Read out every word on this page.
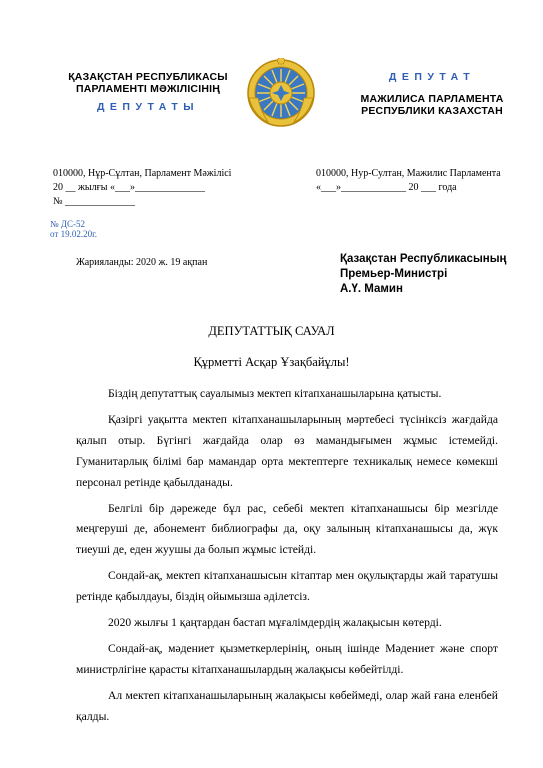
ҚАЗАҚСТАН РЕСПУБЛИКАСЫ
ПАРЛАМЕНТІ МӘЖІЛІСІНІҢ
ДЕПУТАТЫ
ДЕПУТАТ
МАЖИЛИСА ПАРЛАМЕНТА
РЕСПУБЛИКИ КАЗАХСТАН
010000, Нұр-Сұлтан, Парламент Мәжілісі
20 __ жылғы «___»______________
№ ______________
010000, Нур-Султан, Мажилис Парламента
«___»_____________ 20 ___ года
№ ДС-52
от 19.02.20г.
Жарияланды: 2020 ж. 19 ақпан	Қазақстан Республикасының
Премьер-Министрі
А.Ү. Мамин
ДЕПУТАТТЫҚ САУАЛ
Құрметті Асқар Ұзақбайұлы!

Біздің депутаттық сауалымыз мектеп кітапханашыларына қатысты.

Қазіргі уақытта мектеп кітапханашыларының мәртебесі түсініксіз жағдайда қалып отыр. Бүгінгі жағдайда олар өз мамандығымен жұмыс істемейді. Гуманитарлық білімі бар мамандар орта мектептерге техникалық немесе көмекші персонал ретінде қабылданады.

Белгілі бір дәрежеде бұл рас, себебі мектеп кітапханашысы бір мезгілде меңгеруші де, абонемент библиографы да, оқу залының кітапханашысы да, жүк тиеуші де, еден жуушы да болып жұмыс істейді.

Сондай-ақ, мектеп кітапханашысын кітаптар мен оқулықтарды жай таратушы ретінде қабылдауы, біздің ойымызша әділетсіз.

2020 жылғы 1 қаңтардан бастап мұғалімдердің жалақысын көтерді.

Сондай-ақ, мәдениет қызметкерлерінің, оның ішінде Мәдениет және спорт министрлігіне қарасты кітапханашылардың жалақысы көбейтілді.

Ал мектеп кітапханашыларының жалақысы көбеймеді, олар жай ғана еленбей қалды.
